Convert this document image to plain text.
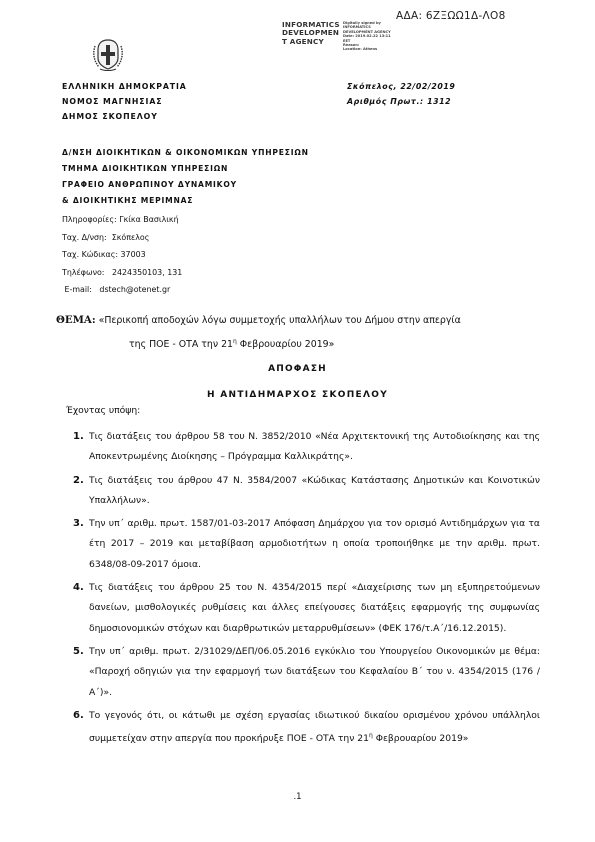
ΑΔΑ: 6ΖΞΩΩ1Δ-ΛΟ8
INFORMATICS
DEVELOPMEN
T AGENCY
Digitally signed by
INFORMATICS
DEVELOPMENT AGENCY
Date: 2019.02.22 13:11
EET
Reason:
Location: Athens
ΕΛΛΗΝΙΚΗ ΔΗΜΟΚΡΑΤΙΑ
ΝΟΜΟΣ ΜΑΓΝΗΣΙΑΣ
ΔΗΜΟΣ ΣΚΟΠΕΛΟΥ
Σκόπελος, 22/02/2019
Αριθμός Πρωτ.: 1312
Δ/ΝΣΗ ΔΙΟΙΚΗΤΙΚΩΝ & ΟΙΚΟΝΟΜΙΚΩΝ ΥΠΗΡΕΣΙΩΝ
ΤΜΗΜΑ ΔΙΟΙΚΗΤΙΚΩΝ ΥΠΗΡΕΣΙΩΝ
ΓΡΑΦΕΙΟ ΑΝΘΡΩΠΙΝΟΥ ΔΥΝΑΜΙΚΟΥ
& ΔΙΟΙΚΗΤΙΚΗΣ ΜΕΡΙΜΝΑΣ
Πληροφορίες: Γκίκα Βασιλική
Ταχ. Δ/νση:  Σκόπελος
Ταχ. Κώδικας: 37003
Τηλέφωνο:   2424350103, 131
E-mail:   dstech@otenet.gr
ΘΕΜΑ: «Περικοπή αποδοχών λόγω συμμετοχής υπαλλήλων του Δήμου στην απεργία
της ΠΟΕ - ΟΤΑ την $21^\eta$ Φεβρουαρίου 2019»
ΑΠΟΦΑΣΗ
Η ΑΝΤΙΔΗΜΑΡΧΟΣ ΣΚΟΠΕΛΟΥ
Έχοντας υπόψη:
1. Τις διατάξεις του άρθρου 58 του Ν. 3852/2010 «Νέα Αρχιτεκτονική της Αυτοδιοίκησης και της Αποκεντρωμένης Διοίκησης – Πρόγραμμα Καλλικράτης».
2. Τις διατάξεις του άρθρου 47 Ν. 3584/2007 «Κώδικας Κατάστασης Δημοτικών και Κοινοτικών Υπαλλήλων».
3. Την υπ΄ αριθμ. πρωτ. 1587/01-03-2017 Απόφαση Δημάρχου για τον ορισμό Αντιδημάρχων για τα έτη 2017 – 2019 και μεταβίβαση αρμοδιοτήτων η οποία τροποιήθηκε με την αριθμ. πρωτ. 6348/08-09-2017 όμοια.
4. Τις διατάξεις του άρθρου 25 του Ν. 4354/2015 περί «Διαχείρισης των μη εξυπηρετούμενων δανείων, μισθολογικές ρυθμίσεις και άλλες επείγουσες διατάξεις εφαρμογής της συμφωνίας δημοσιονομικών στόχων και διαρθρωτικών μεταρρυθμίσεων» (ΦΕΚ 176/τ.Α΄/16.12.2015).
5. Την υπ΄ αριθμ. πρωτ. 2/31029/ΔΕΠ/06.05.2016 εγκύκλιο του Υπουργείου Οικονομικών με θέμα: «Παροχή οδηγιών για την εφαρμογή των διατάξεων του Κεφαλαίου Β΄ του ν. 4354/2015 (176 /Α΄)».
6. Το γεγονός ότι, οι κάτωθι με σχέση εργασίας ιδιωτικού δικαίου ορισμένου χρόνου υπάλληλοι συμμετείχαν στην απεργία που προκήρυξε ΠΟΕ - ΟΤΑ την $21^\eta$ Φεβρουαρίου 2019»
.1
